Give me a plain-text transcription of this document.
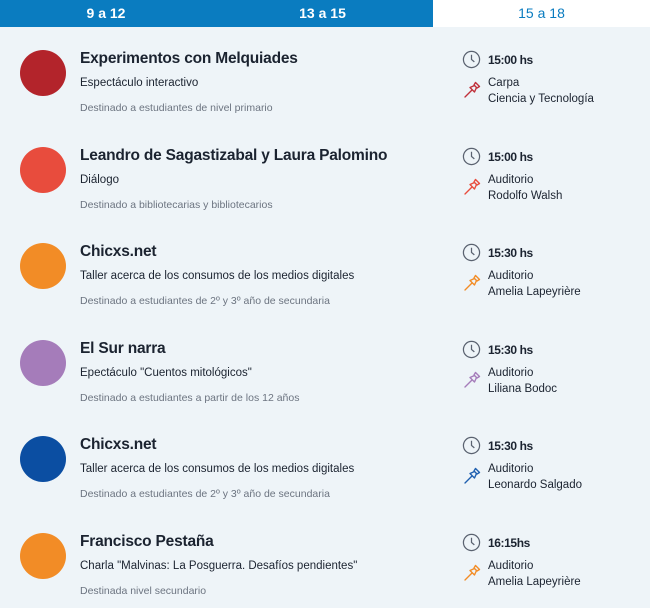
9 a 12	13 a 15	15 a 18
Experimentos con Melquiades
Espectáculo interactivo
Destinado a estudiantes de nivel primario
15:00 hs
Carpa
Ciencia y Tecnología
Leandro de Sagastizabal y Laura Palomino
Diálogo
Destinado a bibliotecarias y bibliotecarios
15:00 hs
Auditorio
Rodolfo Walsh
Chicxs.net
Taller acerca de los consumos de los medios digitales
Destinado a estudiantes de 2º y 3º año de secundaria
15:30 hs
Auditorio
Amelia Lapeyrière
El Sur narra
Epectáculo "Cuentos mitológicos"
Destinado a estudiantes a partir de los 12 años
15:30 hs
Auditorio
Liliana Bodoc
Chicxs.net
Taller acerca de los consumos de los medios digitales
Destinado a estudiantes de 2º y 3º año de secundaria
15:30 hs
Auditorio
Leonardo Salgado
Francisco Pestaña
Charla "Malvinas: La Posguerra. Desafíos pendientes"
Destinada nivel secundario
16:15hs
Auditorio
Amelia Lapeyrière
